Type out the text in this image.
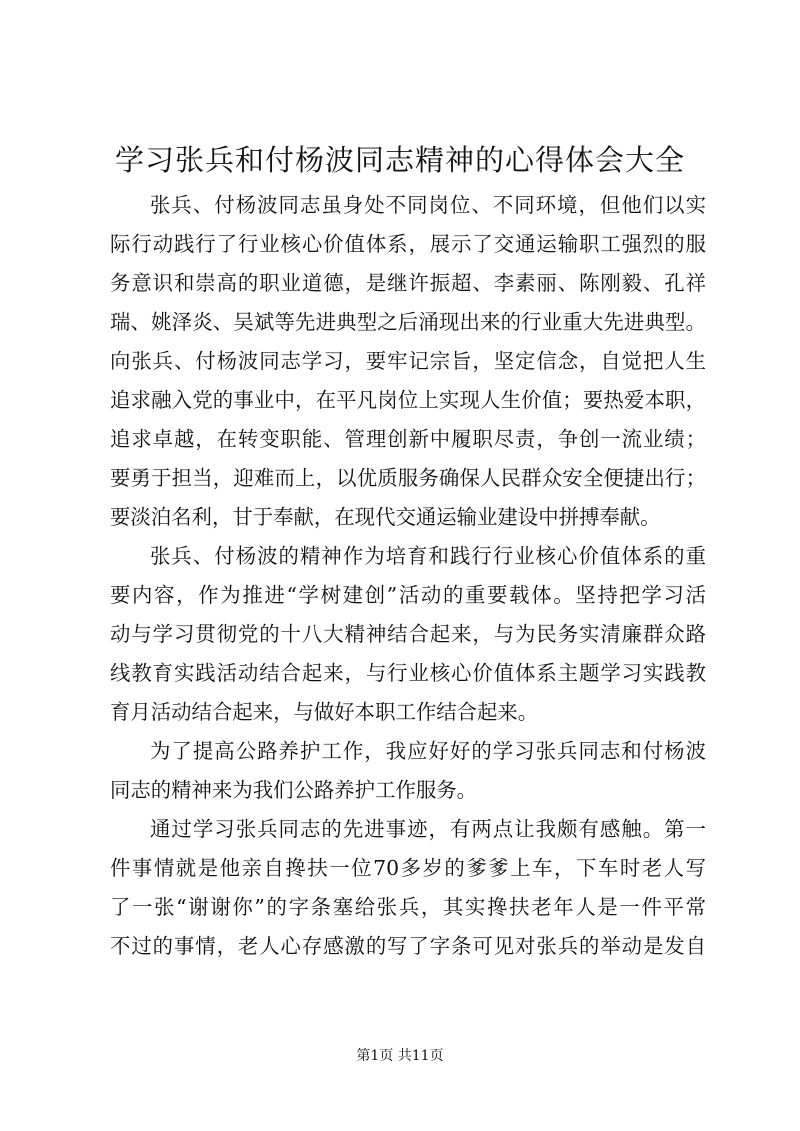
学习张兵和付杨波同志精神的心得体会大全
张兵、付杨波同志虽身处不同岗位、不同环境，但他们以实
际行动践行了行业核心价值体系，展示了交通运输职工强烈的服
务意识和崇高的职业道德，是继许振超、李素丽、陈刚毅、孔祥
瑞、姚泽炎、吴斌等先进典型之后涌现出来的行业重大先进典型。
向张兵、付杨波同志学习，要牢记宗旨，坚定信念，自觉把人生
追求融入党的事业中，在平凡岗位上实现人生价值；要热爱本职，
追求卓越，在转变职能、管理创新中履职尽责，争创一流业绩；
要勇于担当，迎难而上，以优质服务确保人民群众安全便捷出行；
要淡泊名利，甘于奉献，在现代交通运输业建设中拼搏奉献。
张兵、付杨波的精神作为培育和践行行业核心价值体系的重
要内容，作为推进“学树建创”活动的重要载体。坚持把学习活
动与学习贯彻党的十八大精神结合起来，与为民务实清廉群众路
线教育实践活动结合起来，与行业核心价值体系主题学习实践教
育月活动结合起来，与做好本职工作结合起来。
为了提高公路养护工作，我应好好的学习张兵同志和付杨波
同志的精神来为我们公路养护工作服务。
通过学习张兵同志的先进事迹，有两点让我颇有感触。第一
件事情就是他亲自搀扶一位70多岁的爹爹上车，下车时老人写
了一张“谢谢你”的字条塞给张兵，其实搀扶老年人是一件平常
不过的事情，老人心存感激的写了字条可见对张兵的举动是发自
第1页 共11页
